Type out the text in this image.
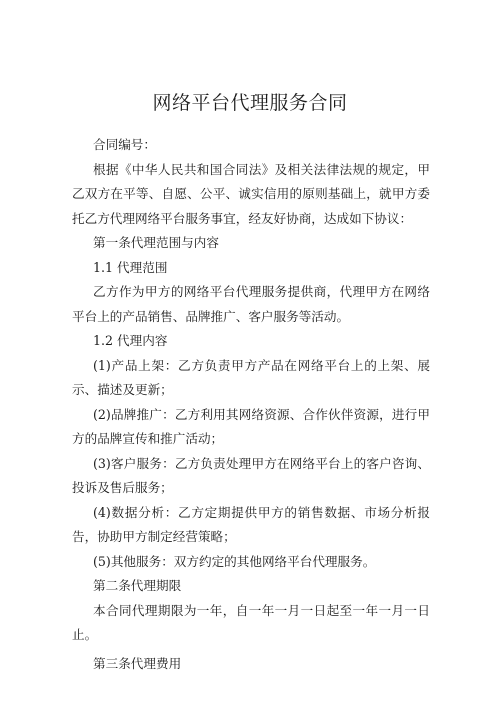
网络平台代理服务合同

合同编号：

根据《中华人民共和国合同法》及相关法律法规的规定，甲乙双方在平等、自愿、公平、诚实信用的原则基础上，就甲方委托乙方代理网络平台服务事宜，经友好协商，达成如下协议：

第一条代理范围与内容

1.1 代理范围

乙方作为甲方的网络平台代理服务提供商，代理甲方在网络平台上的产品销售、品牌推广、客户服务等活动。

1.2 代理内容

(1)产品上架：乙方负责甲方产品在网络平台上的上架、展示、描述及更新；

(2)品牌推广：乙方利用其网络资源、合作伙伴资源，进行甲方的品牌宣传和推广活动；

(3)客户服务：乙方负责处理甲方在网络平台上的客户咨询、投诉及售后服务；

(4)数据分析：乙方定期提供甲方的销售数据、市场分析报告，协助甲方制定经营策略；

(5)其他服务：双方约定的其他网络平台代理服务。

第二条代理期限

本合同代理期限为一年，自一年一月一日起至一年一月一日止。

第三条代理费用
